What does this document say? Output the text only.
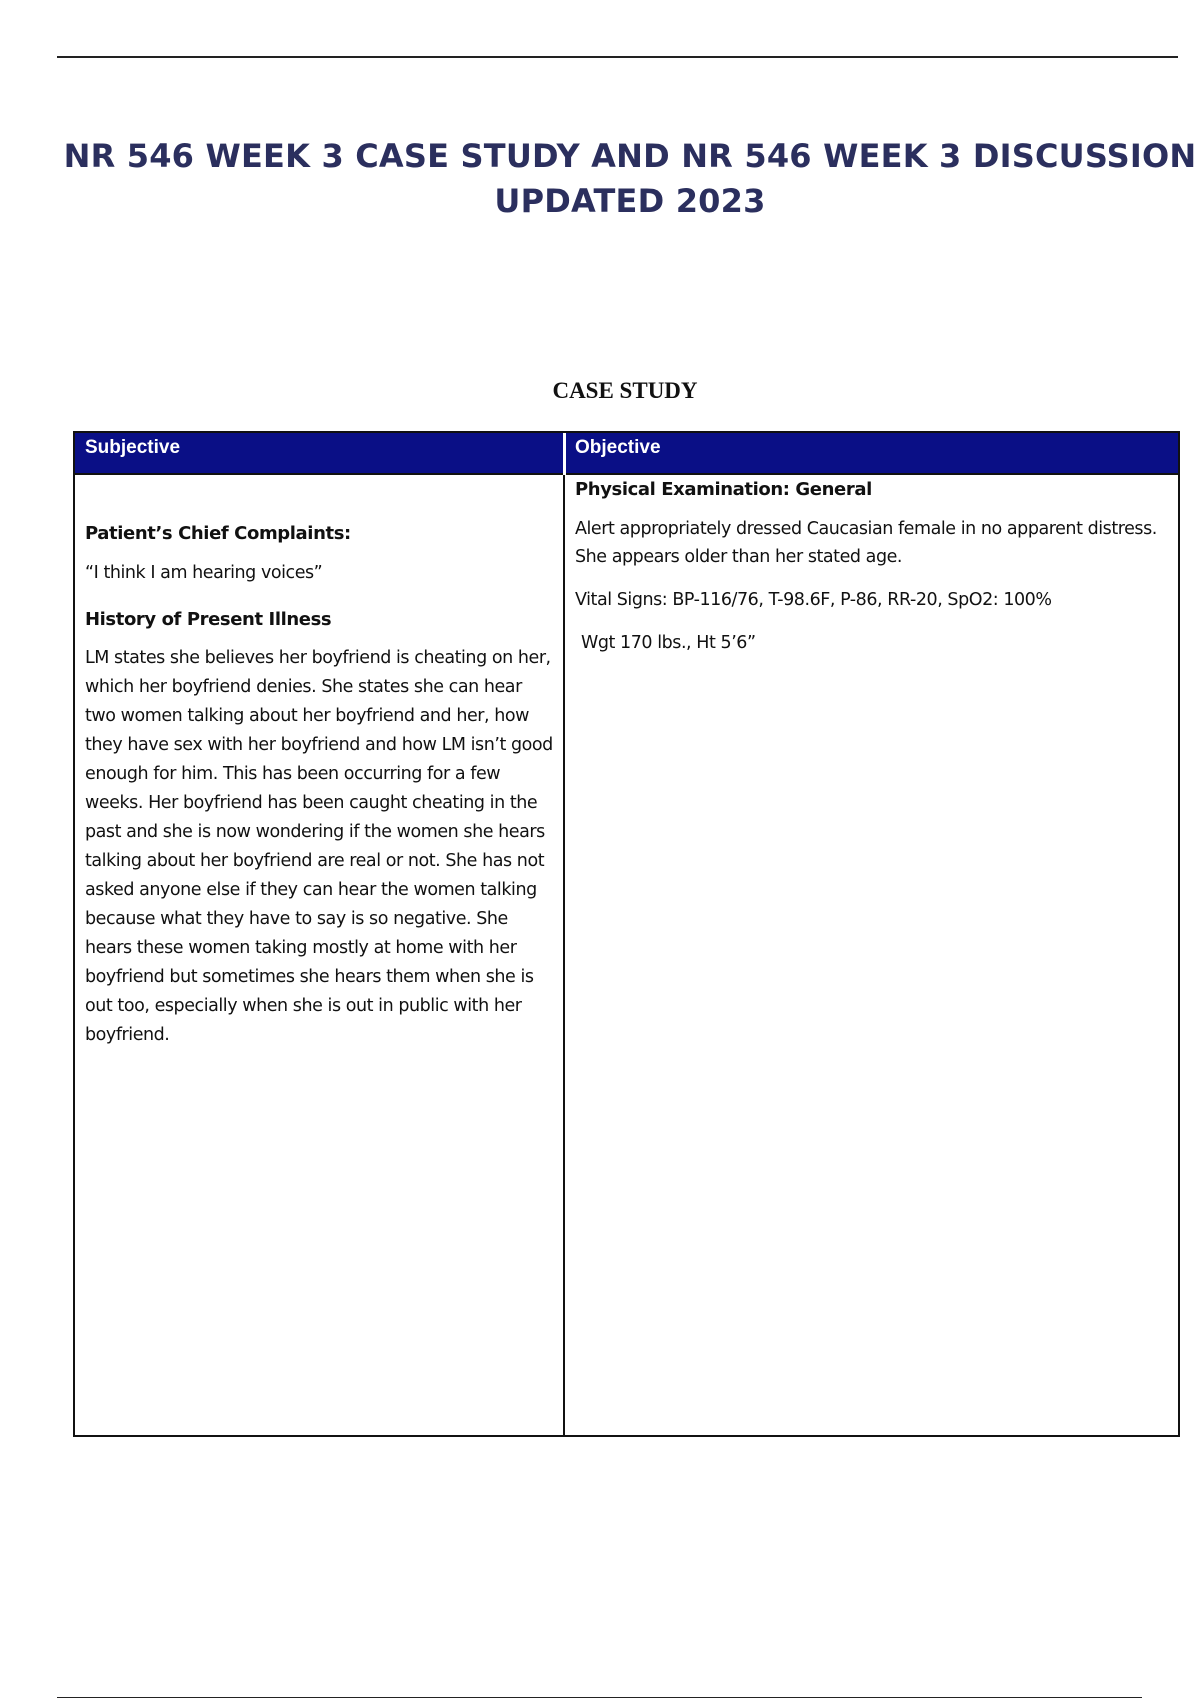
NR 546 WEEK 3 CASE STUDY AND NR 546 WEEK 3 DISCUSSION
UPDATED 2023
CASE STUDY
Subjective	Objective
Patient’s Chief Complaints:
“I think I am hearing voices”
History of Present Illness
LM states she believes her boyfriend is cheating on her, which her boyfriend denies. She states she can hear two women talking about her boyfriend and her, how they have sex with her boyfriend and how LM isn’t good enough for him. This has been occurring for a few weeks. Her boyfriend has been caught cheating in the past and she is now wondering if the women she hears talking about her boyfriend are real or not. She has not asked anyone else if they can hear the women talking because what they have to say is so negative. She hears these women taking mostly at home with her boyfriend but sometimes she hears them when she is out too, especially when she is out in public with her boyfriend.
Physical Examination: General
Alert appropriately dressed Caucasian female in no apparent distress. She appears older than her stated age.
Vital Signs: BP-116/76, T-98.6F, P-86, RR-20, SpO2: 100%
Wgt 170 lbs., Ht 5’6”
